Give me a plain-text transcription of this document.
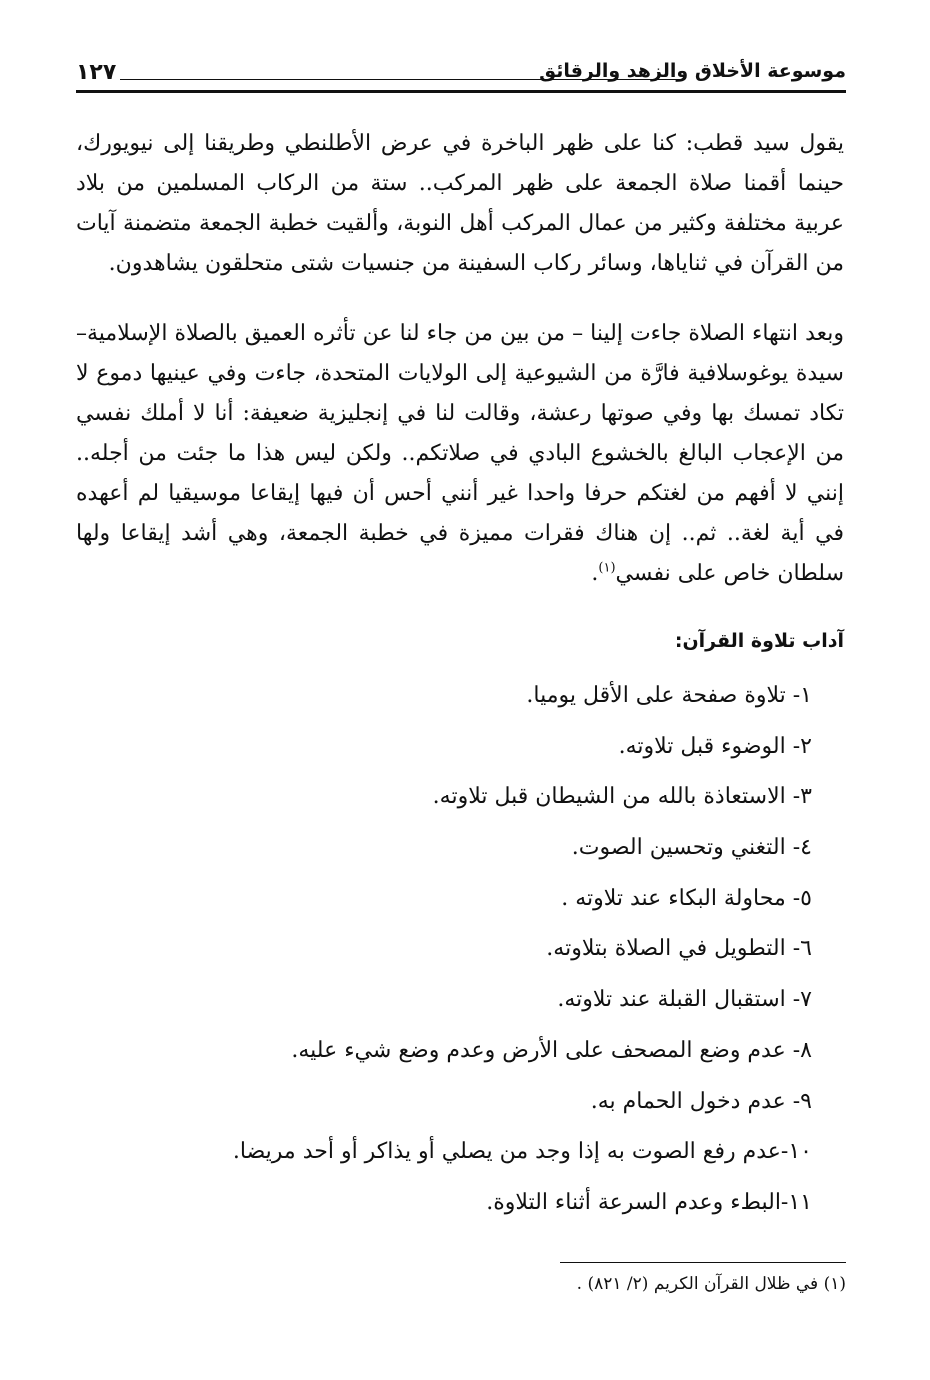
موسوعة الأخلاق والزهد والرقائق
١٢٧

يقول سيد قطب: كنا على ظهر الباخرة في عرض الأطلنطي وطريقنا إلى نيويورك، حينما أقمنا صلاة الجمعة على ظهر المركب.. ستة من الركاب المسلمين من بلاد عربية مختلفة وكثير من عمال المركب أهل النوبة، وألقيت خطبة الجمعة متضمنة آيات من القرآن في ثناياها، وسائر ركاب السفينة من جنسيات شتى متحلقون يشاهدون.

وبعد انتهاء الصلاة جاءت إلينا – من بين من جاء لنا عن تأثره العميق بالصلاة الإسلامية– سيدة يوغوسلافية فارَّة من الشيوعية إلى الولايات المتحدة، جاءت وفي عينيها دموع لا تكاد تمسك بها وفي صوتها رعشة، وقالت لنا في إنجليزية ضعيفة: أنا لا أملك نفسي من الإعجاب البالغ بالخشوع البادي في صلاتكم.. ولكن ليس هذا ما جئت من أجله.. إنني لا أفهم من لغتكم حرفا واحدا غير أنني أحس أن فيها إيقاعا موسيقيا لم أعهده في أية لغة.. ثم.. إن هناك فقرات مميزة في خطبة الجمعة، وهي أشد إيقاعا ولها سلطان خاص على نفسي$^{(١)}$.

آداب تلاوة القرآن:
١- تلاوة صفحة على الأقل يوميا.
٢- الوضوء قبل تلاوته.
٣- الاستعاذة بالله من الشيطان قبل تلاوته.
٤- التغني وتحسين الصوت.
٥- محاولة البكاء عند تلاوته .
٦- التطويل في الصلاة بتلاوته.
٧- استقبال القبلة عند تلاوته.
٨- عدم وضع المصحف على الأرض وعدم وضع شيء عليه.
٩- عدم دخول الحمام به.
١٠-عدم رفع الصوت به إذا وجد من يصلي أو يذاكر أو أحد مريضا.
١١-البطء وعدم السرعة أثناء التلاوة.
(١) في ظلال القرآن الكريم (٢/ ٨٢١) .
